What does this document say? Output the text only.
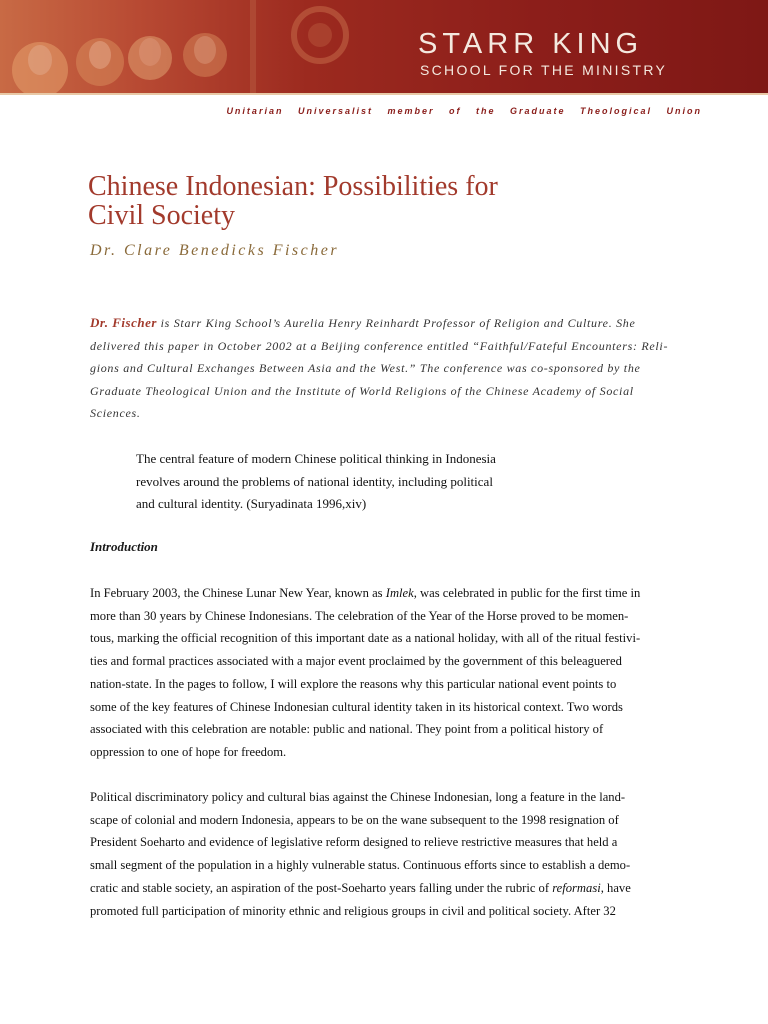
STARR KING
SCHOOL FOR THE MINISTRY
Unitarian Universalist member of the Graduate Theological Union
Chinese Indonesian: Possibilities for
Civil Society
Dr. Clare Benedicks Fischer
Dr. Fischer is Starr King School’s Aurelia Henry Reinhardt Professor of Religion and Culture. She
delivered this paper in October 2002 at a Beijing conference entitled “Faithful/Fateful Encounters: Reli-
gions and Cultural Exchanges Between Asia and the West.” The conference was co-sponsored by the
Graduate Theological Union and the Institute of World Religions of the Chinese Academy of Social
Sciences.
The central feature of modern Chinese political thinking in Indonesia
revolves around the problems of national identity, including political
and cultural identity. (Suryadinata 1996,xiv)
Introduction
In February 2003, the Chinese Lunar New Year, known as Imlek, was celebrated in public for the first time in
more than 30 years by Chinese Indonesians. The celebration of the Year of the Horse proved to be momen-
tous, marking the official recognition of this important date as a national holiday, with all of the ritual festivi-
ties and formal practices associated with a major event proclaimed by the government of this beleaguered
nation-state. In the pages to follow, I will explore the reasons why this particular national event points to
some of the key features of Chinese Indonesian cultural identity taken in its historical context. Two words
associated with this celebration are notable: public and national. They point from a political history of
oppression to one of hope for freedom.
Political discriminatory policy and cultural bias against the Chinese Indonesian, long a feature in the land-
scape of colonial and modern Indonesia, appears to be on the wane subsequent to the 1998 resignation of
President Soeharto and evidence of legislative reform designed to relieve restrictive measures that held a
small segment of the population in a highly vulnerable status. Continuous efforts since to establish a demo-
cratic and stable society, an aspiration of the post-Soeharto years falling under the rubric of reformasi, have
promoted full participation of minority ethnic and religious groups in civil and political society. After 32
